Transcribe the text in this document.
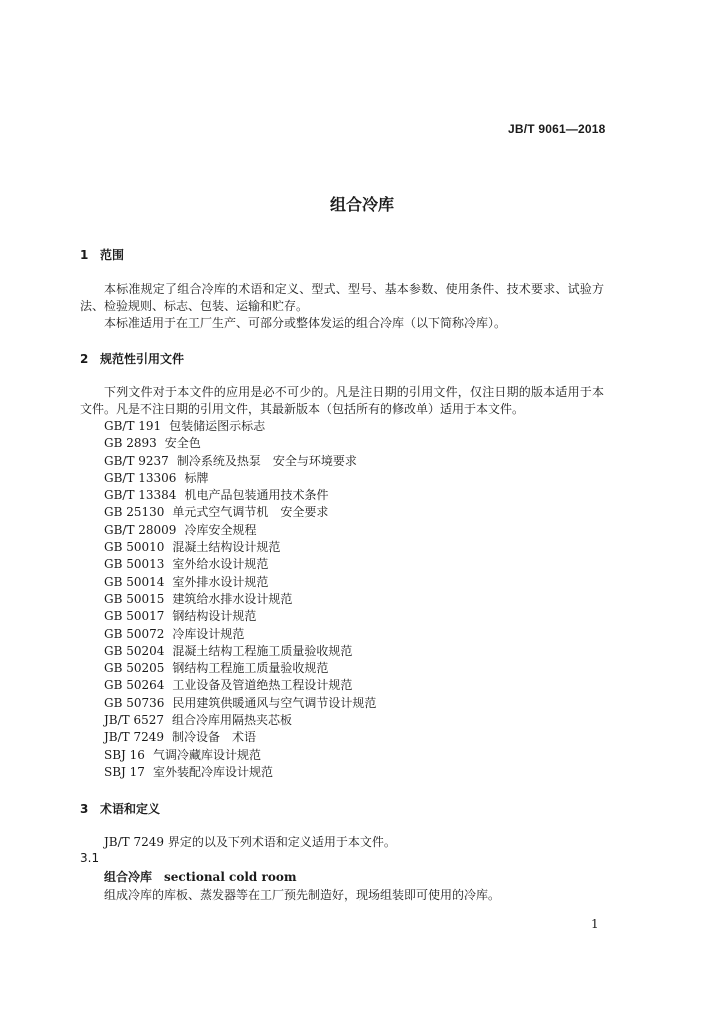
JB/T 9061—2018
组合冷库
1 范围
本标准规定了组合冷库的术语和定义、型式、型号、基本参数、使用条件、技术要求、试验方法、检验规则、标志、包装、运输和贮存。
本标准适用于在工厂生产、可部分或整体发运的组合冷库（以下简称冷库）。
2 规范性引用文件
下列文件对于本文件的应用是必不可少的。凡是注日期的引用文件，仅注日期的版本适用于本文件。凡是不注日期的引用文件，其最新版本（包括所有的修改单）适用于本文件。
GB/T 191 包装储运图示标志
GB 2893 安全色
GB/T 9237 制冷系统及热泵　安全与环境要求
GB/T 13306 标牌
GB/T 13384 机电产品包装通用技术条件
GB 25130 单元式空气调节机　安全要求
GB/T 28009 冷库安全规程
GB 50010 混凝土结构设计规范
GB 50013 室外给水设计规范
GB 50014 室外排水设计规范
GB 50015 建筑给水排水设计规范
GB 50017 钢结构设计规范
GB 50072 冷库设计规范
GB 50204 混凝土结构工程施工质量验收规范
GB 50205 钢结构工程施工质量验收规范
GB 50264 工业设备及管道绝热工程设计规范
GB 50736 民用建筑供暖通风与空气调节设计规范
JB/T 6527 组合冷库用隔热夹芯板
JB/T 7249 制冷设备　术语
SBJ 16 气调冷藏库设计规范
SBJ 17 室外装配冷库设计规范
3 术语和定义
JB/T 7249 界定的以及下列术语和定义适用于本文件。
3.1
组合冷库 sectional cold room
组成冷库的库板、蒸发器等在工厂预先制造好，现场组装即可使用的冷库。
1
